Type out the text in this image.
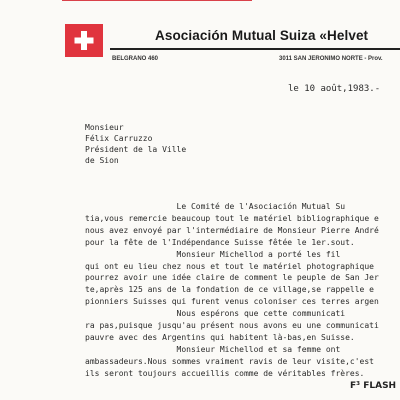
Asociación Mutual Suiza «Helvet
BELGRANO 460	3011 SAN JERONIMO NORTE - Prov.
le 10 août,1983.-
Monsieur
Félix Carruzzo
Président de la Ville
de Sion
Le Comité de l'Asociación Mutual Su
tia,vous remercie beaucoup tout le matériel bibliographique e
nous avez envoyé par l'intermédiaire de Monsieur Pierre André
pour la fête de l'Indépendance Suisse fêtée le 1er.sout.
Monsieur Michellod a porté les fil
qui ont eu lieu chez nous et tout le matériel photographique
pourrez avoir une idée claire de comment le peuple de San Jer
te,après 125 ans de la fondation de ce village,se rappelle e
pionniers Suisses qui furent venus coloniser ces terres argen
Nous espérons que cette communicati
ra pas,puisque jusqu'au présent nous avons eu une communicati
pauvre avec des Argentins qui habitent là-bas,en Suisse.
Monsieur Michellod et sa femme ont
ambassadeurs.Nous sommes vraiment ravis de leur visite,c'est
ils seront toujours accueillis comme de véritables frères.
F³ FLASH
